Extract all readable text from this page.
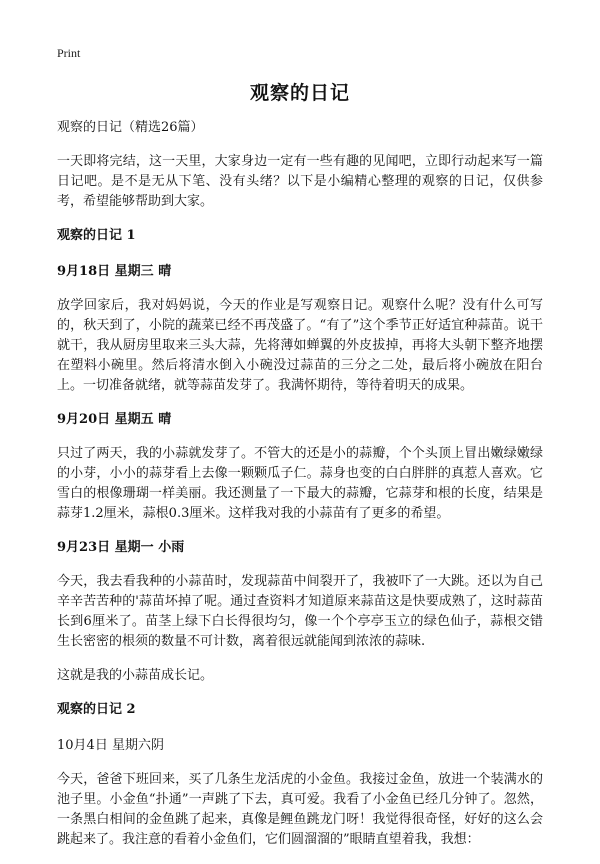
Print
观察的日记
观察的日记（精选26篇）

一天即将完结，这一天里，大家身边一定有一些有趣的见闻吧，立即行动起来写一篇日记吧。是不是无从下笔、没有头绪？以下是小编精心整理的观察的日记，仅供参考，希望能够帮助到大家。

观察的日记 1
9月18日 星期三 晴

放学回家后，我对妈妈说，今天的作业是写观察日记。观察什么呢？没有什么可写的，秋天到了，小院的蔬菜已经不再茂盛了。“有了”这个季节正好适宜种蒜苗。说干就干，我从厨房里取来三头大蒜，先将薄如蝉翼的外皮拔掉，再将大头朝下整齐地摆在塑料小碗里。然后将清水倒入小碗没过蒜苗的三分之二处，最后将小碗放在阳台上。一切准备就绪，就等蒜苗发芽了。我满怀期待，等待着明天的成果。

9月20日 星期五 晴

只过了两天，我的小蒜就发芽了。不管大的还是小的蒜瓣，个个头顶上冒出嫩绿嫩绿的小芽，小小的蒜芽看上去像一颗颗瓜子仁。蒜身也变的白白胖胖的真惹人喜欢。它雪白的根像珊瑚一样美丽。我还测量了一下最大的蒜瓣，它蒜芽和根的长度，结果是蒜芽1.2厘米，蒜根0.3厘米。这样我对我的小蒜苗有了更多的希望。

9月23日 星期一 小雨

今天，我去看我种的小蒜苗时，发现蒜苗中间裂开了，我被吓了一大跳。还以为自己辛辛苦苦种的'蒜苗坏掉了呢。通过查资料才知道原来蒜苗这是快要成熟了，这时蒜苗长到6厘米了。苗茎上绿下白长得很均匀，像一个个亭亭玉立的绿色仙子，蒜根交错生长密密的根须的数量不可计数，离着很远就能闻到浓浓的蒜味.

这就是我的小蒜苗成长记。

观察的日记 2
10月4日 星期六阴

今天，爸爸下班回来，买了几条生龙活虎的小金鱼。我接过金鱼，放进一个装满水的池子里。小金鱼“扑通”一声跳了下去，真可爱。我看了小金鱼已经几分钟了。忽然，一条黑白相间的金鱼跳了起来，真像是鲤鱼跳龙门呀！我觉得很奇怪，好好的这么会跳起来了。我注意的看着小金鱼们，它们圆溜溜的”眼睛直望着我，我想：
